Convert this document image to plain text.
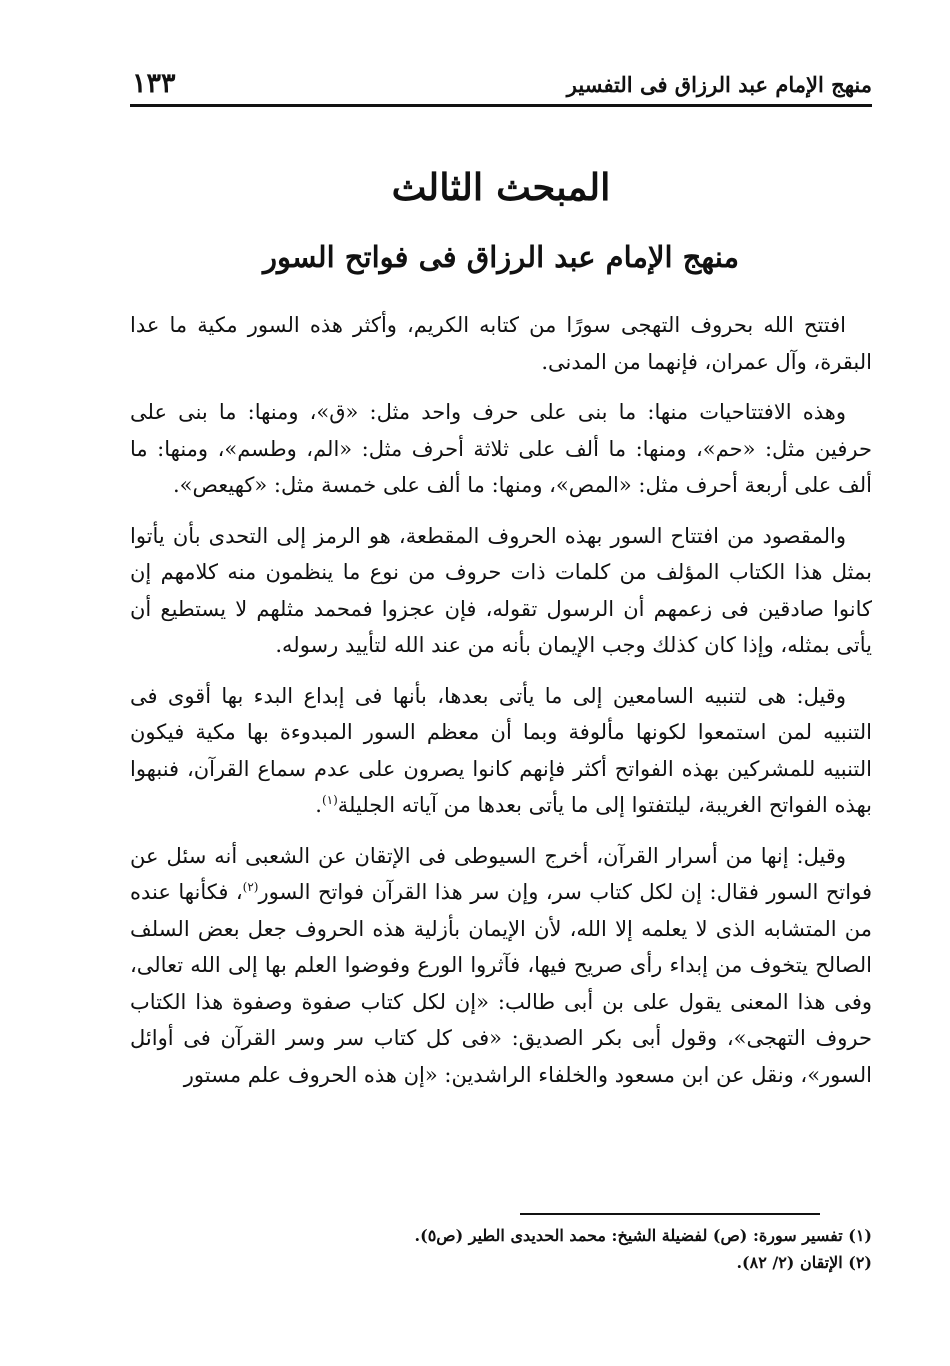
منهج الإمام عبد الرزاق فى التفسير
١٣٣
المبحث الثالث
منهج الإمام عبد الرزاق فى فواتح السور

افتتح الله بحروف التهجى سورًا من كتابه الكريم، وأكثر هذه السور مكية ما عدا البقرة، وآل عمران، فإنهما من المدنى.

وهذه الافتتاحيات منها: ما بنى على حرف واحد مثل: «ق»، ومنها: ما بنى على حرفين مثل: «حم»، ومنها: ما ألف على ثلاثة أحرف مثل: «الم، وطسم»، ومنها: ما ألف على أربعة أحرف مثل: «المص»، ومنها: ما ألف على خمسة مثل: «كهيعص».

والمقصود من افتتاح السور بهذه الحروف المقطعة، هو الرمز إلى التحدى بأن يأتوا بمثل هذا الكتاب المؤلف من كلمات ذات حروف من نوع ما ينظمون منه كلامهم إن كانوا صادقين فى زعمهم أن الرسول تقوله، فإن عجزوا فمحمد مثلهم لا يستطيع أن يأتى بمثله، وإذا كان كذلك وجب الإيمان بأنه من عند الله لتأييد رسوله.

وقيل: هى لتنبيه السامعين إلى ما يأتى بعدها، بأنها فى إبداع البدء بها أقوى فى التنبيه لمن استمعوا لكونها مألوفة وبما أن معظم السور المبدوءة بها مكية فيكون التنبيه للمشركين بهذه الفواتح أكثر فإنهم كانوا يصرون على عدم سماع القرآن، فنبهوا بهذه الفواتح الغريبة، ليلتفتوا إلى ما يأتى بعدها من آياته الجليلة$^{(١)}$.

وقيل: إنها من أسرار القرآن، أخرج السيوطى فى الإتقان عن الشعبى أنه سئل عن فواتح السور فقال: إن لكل كتاب سر، وإن سر هذا القرآن فواتح السور$^{(٢)}$، فكأنها عنده من المتشابه الذى لا يعلمه إلا الله، لأن الإيمان بأزلية هذه الحروف جعل بعض السلف الصالح يتخوف من إبداء رأى صريح فيها، فآثروا الورع وفوضوا العلم بها إلى الله تعالى، وفى هذا المعنى يقول على بن أبى طالب: «إن لكل كتاب صفوة وصفوة هذا الكتاب حروف التهجى»، وقول أبى بكر الصديق: «فى كل كتاب سر وسر القرآن فى أوائل السور»، ونقل عن ابن مسعود والخلفاء الراشدين: «إن هذه الحروف علم مستور

(١) تفسير سورة: (ص) لفضيلة الشيخ: محمد الحديدى الطير (ص٥).
(٢) الإتقان (٢/ ٨٢).
